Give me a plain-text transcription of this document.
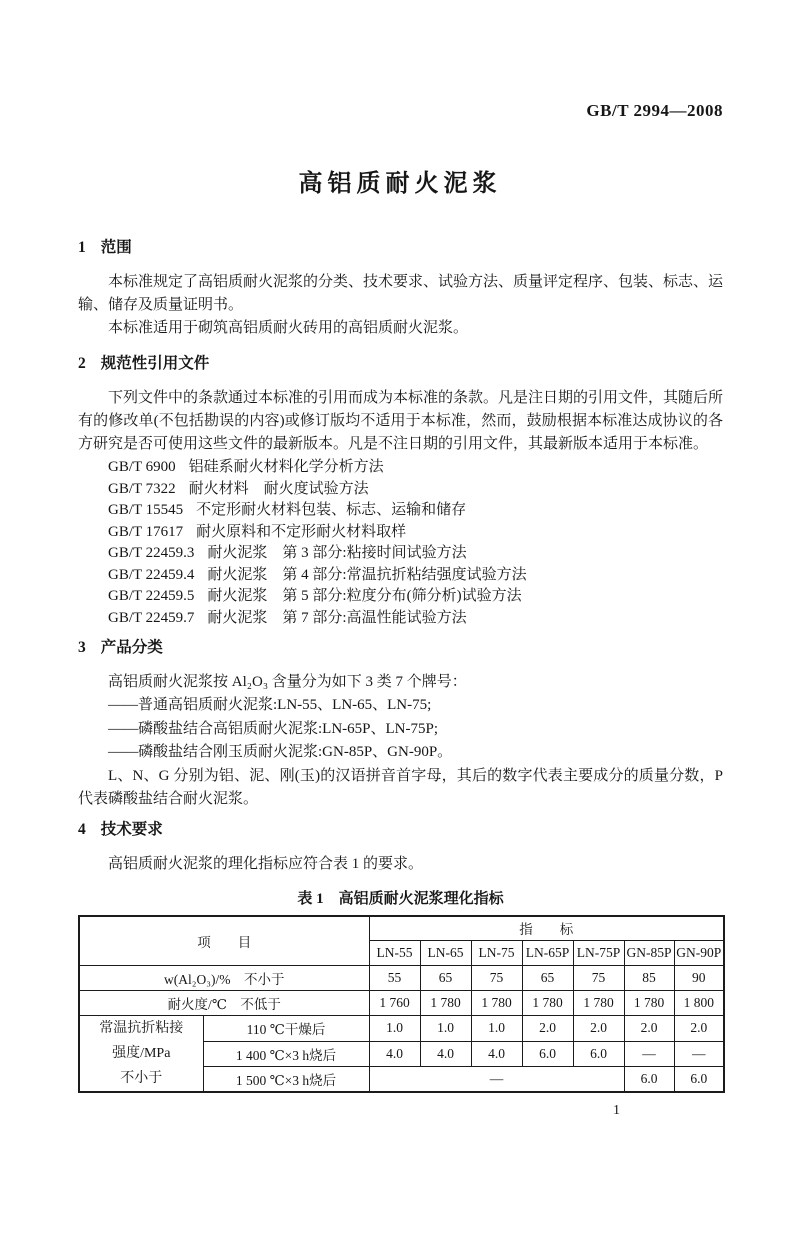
GB/T 2994—2008
高铝质耐火泥浆

1 范围

本标准规定了高铝质耐火泥浆的分类、技术要求、试验方法、质量评定程序、包装、标志、运输、储存及质量证明书。

本标准适用于砌筑高铝质耐火砖用的高铝质耐火泥浆。

2 规范性引用文件

下列文件中的条款通过本标准的引用而成为本标准的条款。凡是注日期的引用文件，其随后所有的修改单(不包括勘误的内容)或修订版均不适用于本标准，然而，鼓励根据本标准达成协议的各方研究是否可使用这些文件的最新版本。凡是不注日期的引用文件，其最新版本适用于本标准。

GB/T 6900 铝硅系耐火材料化学分析方法
GB/T 7322 耐火材料　耐火度试验方法
GB/T 15545 不定形耐火材料包装、标志、运输和储存
GB/T 17617 耐火原料和不定形耐火材料取样
GB/T 22459.3 耐火泥浆　第 3 部分:粘接时间试验方法
GB/T 22459.4 耐火泥浆　第 4 部分:常温抗折粘结强度试验方法
GB/T 22459.5 耐火泥浆　第 5 部分:粒度分布(筛分析)试验方法
GB/T 22459.7 耐火泥浆　第 7 部分:高温性能试验方法

3 产品分类

高铝质耐火泥浆按 Al₂O₃ 含量分为如下 3 类 7 个牌号：

——普通高铝质耐火泥浆:LN-55、LN-65、LN-75;
——磷酸盐结合高铝质耐火泥浆:LN-65P、LN-75P;
——磷酸盐结合刚玉质耐火泥浆:GN-85P、GN-90P。

L、N、G 分别为铝、泥、刚(玉)的汉语拼音首字母，其后的数字代表主要成分的质量分数，P 代表磷酸盐结合耐火泥浆。

4 技术要求

高铝质耐火泥浆的理化指标应符合表 1 的要求。

表 1　高铝质耐火泥浆理化指标
项　　目		指　　标						
		LN-55	LN-65	LN-75	LN-65P	LN-75P	GN-85P	GN-90P
w(Al₂O₃)/%　不小于		55	65	75	65	75	85	90
耐火度/℃　不低于		1 760	1 780	1 780	1 780	1 780	1 780	1 800

常温抗折粘接
强度/MPa
不小于	110 ℃干燥后	1.0	1.0	1.0	2.0	2.0	2.0	2.0
	1 400 ℃×3 h烧后	4.0	4.0	4.0	6.0	6.0	—	—
	1 500 ℃×3 h烧后	—					6.0	6.0
1
